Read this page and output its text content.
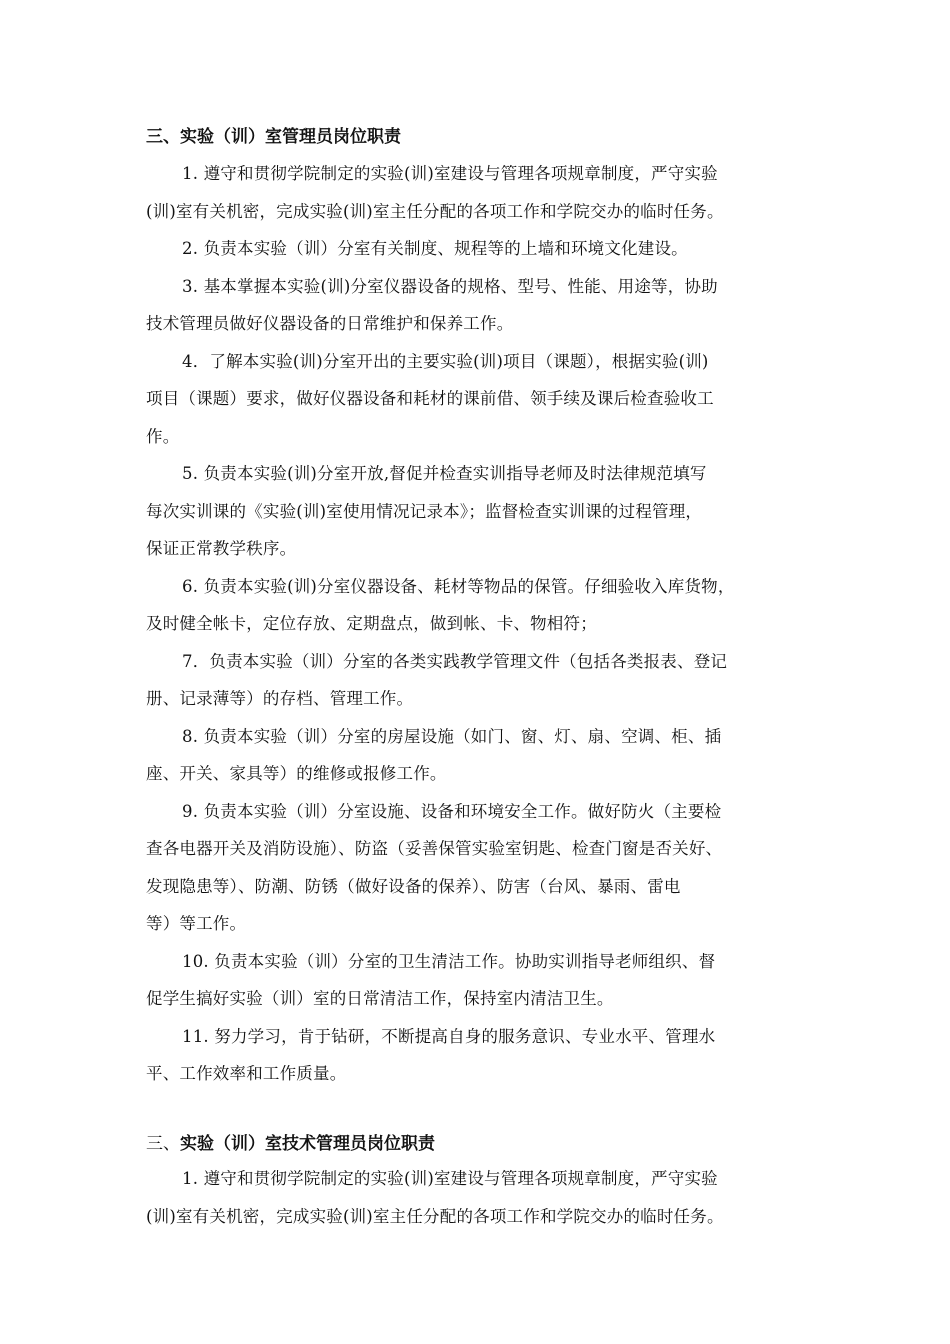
三、实验（训）室管理员岗位职责

1. 遵守和贯彻学院制定的实验(训)室建设与管理各项规章制度，严守实验
(训)室有关机密，完成实验(训)室主任分配的各项工作和学院交办的临时任务。

2. 负责本实验（训）分室有关制度、规程等的上墙和环境文化建设。

3. 基本掌握本实验(训)分室仪器设备的规格、型号、性能、用途等，协助
技术管理员做好仪器设备的日常维护和保养工作。

4．了解本实验(训)分室开出的主要实验(训)项目（课题），根据实验(训)
项目（课题）要求，做好仪器设备和耗材的课前借、领手续及课后检查验收工
作。

5. 负责本实验(训)分室开放,督促并检查实训指导老师及时法律规范填写
每次实训课的《实验(训)室使用情况记录本》；监督检查实训课的过程管理，
保证正常教学秩序。

6. 负责本实验(训)分室仪器设备、耗材等物品的保管。仔细验收入库货物，
及时健全帐卡，定位存放、定期盘点，做到帐、卡、物相符；

7．负责本实验（训）分室的各类实践教学管理文件（包括各类报表、登记
册、记录薄等）的存档、管理工作。

8. 负责本实验（训）分室的房屋设施（如门、窗、灯、扇、空调、柜、插
座、开关、家具等）的维修或报修工作。

9. 负责本实验（训）分室设施、设备和环境安全工作。做好防火（主要检
查各电器开关及消防设施）、防盗（妥善保管实验室钥匙、检查门窗是否关好、
发现隐患等）、防潮、防锈（做好设备的保养）、防害（台风、暴雨、雷电
等）等工作。

10. 负责本实验（训）分室的卫生清洁工作。协助实训指导老师组织、督
促学生搞好实验（训）室的日常清洁工作，保持室内清洁卫生。

11. 努力学习，肯于钻研，不断提高自身的服务意识、专业水平、管理水
平、工作效率和工作质量。

三、实验（训）室技术管理员岗位职责

1. 遵守和贯彻学院制定的实验(训)室建设与管理各项规章制度，严守实验
(训)室有关机密，完成实验(训)室主任分配的各项工作和学院交办的临时任务。
